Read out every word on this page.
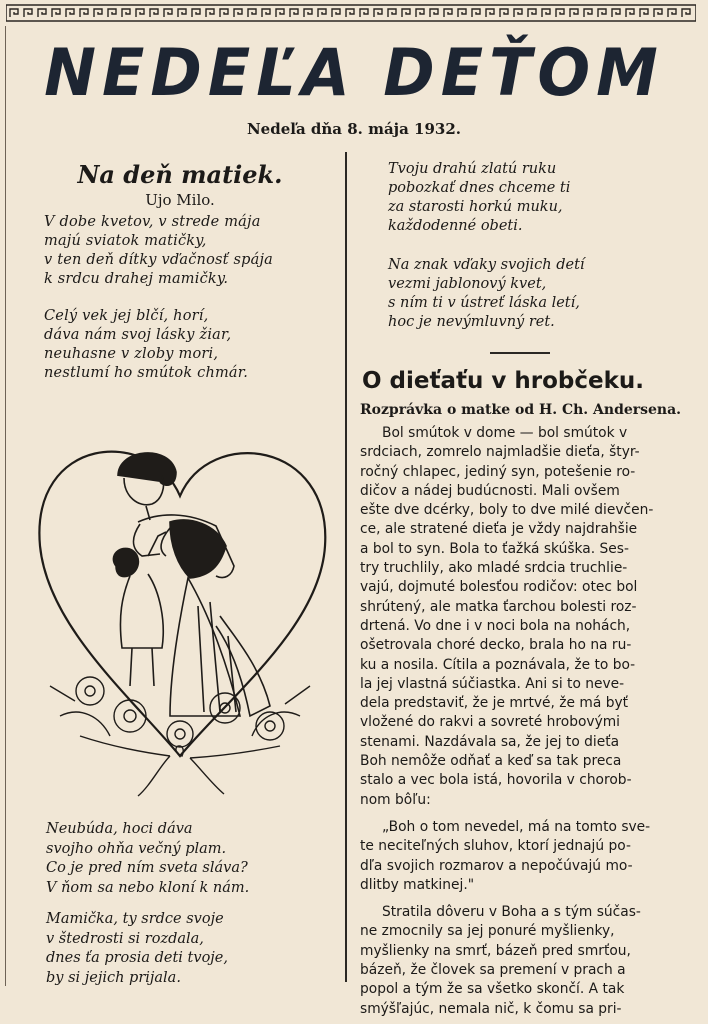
NEDEĽA DEŤOM
Nedeľa dňa 8. mája 1932.
Na deň matiek.
Ujo Milo.
V dobe kvetov, v strede mája
majú sviatok matičky,
v ten deň dítky vďačnosť spája
k srdcu drahej mamičky.
Celý vek jej blčí, horí,
dáva nám svoj lásky žiar,
neuhasne v zloby mori,
nestlumí ho smútok chmár.
Neubúda, hoci dáva
svojho ohňa večný plam.
Co je pred ním sveta sláva?
V ňom sa nebo kloní k nám.
Mamička, ty srdce svoje
v štedrosti si rozdala,
dnes ťa prosia deti tvoje,
by si jejich prijala.
Tvoju drahú zlatú ruku
pobozkať dnes chceme ti
za starosti horkú muku,
každodenné obeti.
Na znak vďaky svojich detí
vezmi jablonový kvet,
s ním ti v ústreť láska letí,
hoc je nevýmluvný ret.
O dieťaťu v hrobčeku.
Rozprávka o matke od H. Ch. Andersena.
Bol smútok v dome — bol smútok v
srdciach, zomrelo najmladšie dieťa, štyr-
ročný chlapec, jediný syn, potešenie ro-
dičov a nádej budúcnosti. Mali ovšem
ešte dve dcérky, boly to dve milé dievčen-
ce, ale stratené dieťa je vždy najdrahšie
a bol to syn. Bola to ťažká skúška. Ses-
try truchlily, ako mladé srdcia truchlie-
vajú, dojmuté bolesťou rodičov: otec bol
shrútený, ale matka ťarchou bolesti roz-
drtená. Vo dne i v noci bola na nohách,
ošetrovala choré decko, brala ho na ru-
ku a nosila. Cítila a poznávala, že to bo-
la jej vlastná súčiastka. Ani si to neve-
dela predstaviť, že je mrtvé, že má byť
vložené do rakvi a sovreté hrobovými
stenami. Nazdávala sa, že jej to dieťa
Boh nemôže odňať a keď sa tak preca
stalo a vec bola istá, hovorila v chorob-
nom bôľu:
„Boh o tom nevedel, má na tomto sve-
te neciteľných sluhov, ktorí jednajú po-
dľa svojich rozmarov a nepočúvajú mo-
dlitby matkinej."
Stratila dôveru v Boha a s tým súčas-
ne zmocnily sa jej ponuré myšlienky,
myšlienky na smrť, bázeň pred smrťou,
bázeň, že človek sa premení v prach a
popol a tým že sa všetko skončí. A tak
smýšľajúc, nemala nič, k čomu sa pri-
